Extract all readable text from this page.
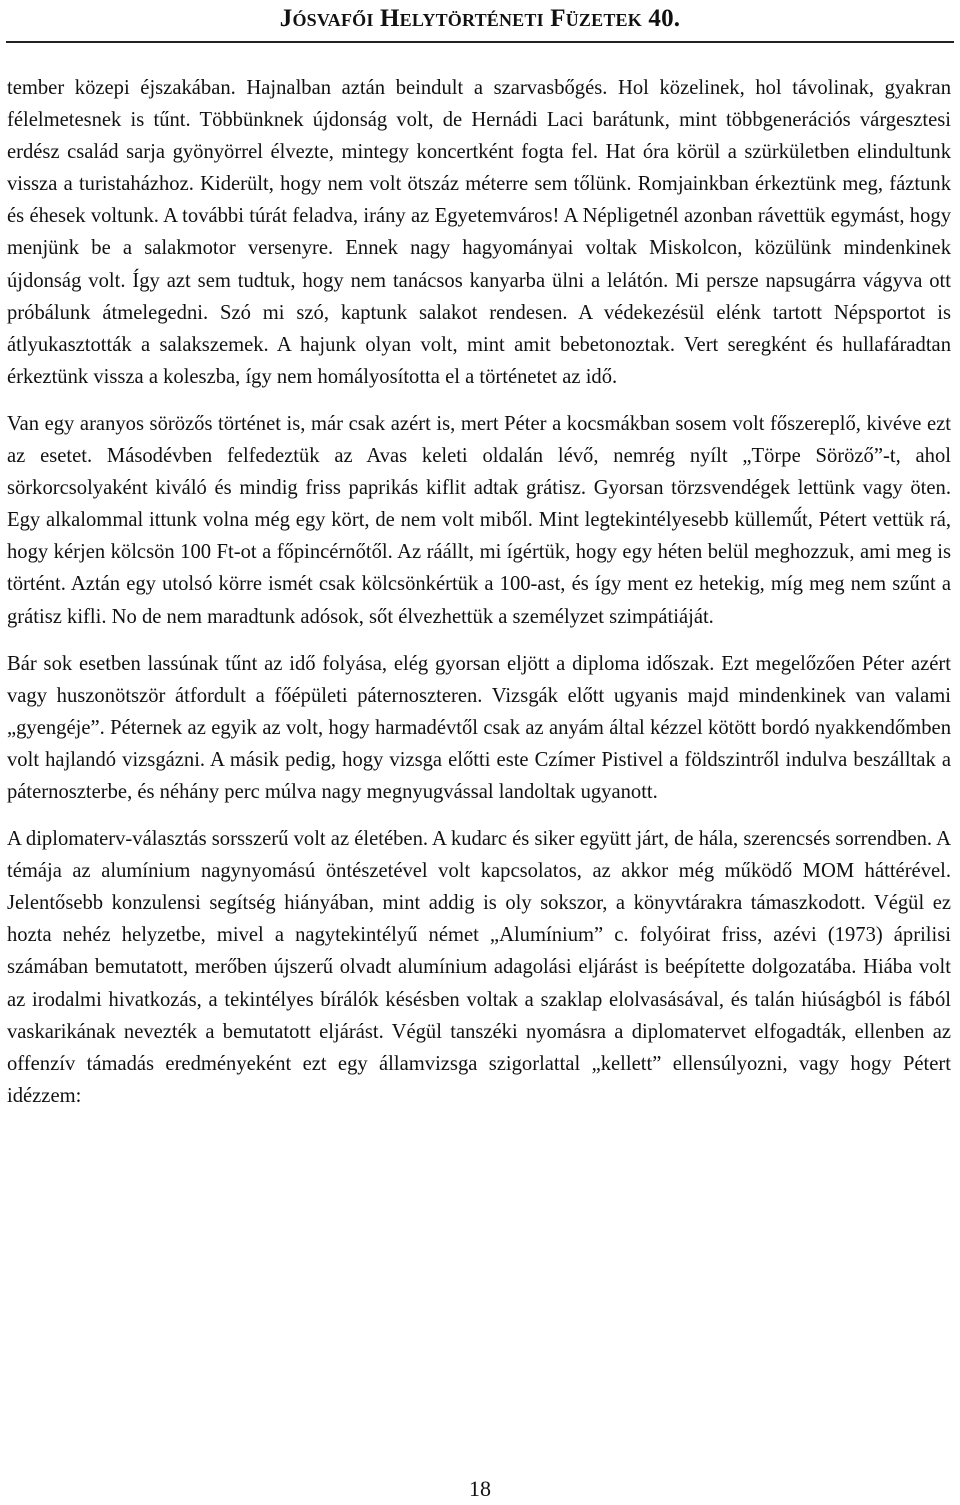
Jósvafői Helytörténeti Füzetek 40.

tember közepi éjszakában. Hajnalban aztán beindult a szarvasbőgés. Hol közelinek, hol távolinak, gyakran félelmetesnek is tűnt. Többünknek újdonság volt, de Hernádi Laci barátunk, mint többgenerációs várgesztesi erdész család sarja gyönyörrel élvezte, mintegy koncertként fogta fel. Hat óra körül a szürkületben elindultunk vissza a turistaházhoz. Kiderült, hogy nem volt ötszáz méterre sem tőlünk. Romjainkban érkeztünk meg, fáztunk és éhesek voltunk. A további túrát feladva, irány az Egyetemváros! A Népligetnél azonban rávettük egymást, hogy menjünk be a salakmotor versenyre. Ennek nagy hagyományai voltak Miskolcon, közülünk mindenkinek újdonság volt. Így azt sem tudtuk, hogy nem tanácsos kanyarba ülni a lelátón. Mi persze napsugárra vágyva ott próbálunk átmelegedni. Szó mi szó, kaptunk salakot rendesen. A védekezésül elénk tartott Népsportot is átlyukasztották a salakszemek. A hajunk olyan volt, mint amit bebetonoztak. Vert seregként és hullafáradtan érkeztünk vissza a koleszba, így nem homályosította el a történetet az idő.

Van egy aranyos sörözős történet is, már csak azért is, mert Péter a kocsmákban sosem volt főszereplő, kivéve ezt az esetet. Másodévben felfedeztük az Avas keleti oldalán lévő, nemrég nyílt „Törpe Söröző”-t, ahol sörkorcsolyaként kiváló és mindig friss paprikás kiflit adtak grátisz. Gyorsan törzsvendégek lettünk vagy öten. Egy alkalommal ittunk volna még egy kört, de nem volt miből. Mint legtekintélyesebb küllemű́t, Pétert vettük rá, hogy kérjen kölcsön 100 Ft-ot a főpincérnőtől. Az ráállt, mi ígértük, hogy egy héten belül meghozzuk, ami meg is történt. Aztán egy utolsó körre ismét csak kölcsönkértük a 100-ast, és így ment ez hetekig, míg meg nem szűnt a grátisz kifli. No de nem maradtunk adósok, sőt élvezhettük a személyzet szimpátiáját.

Bár sok esetben lassúnak tűnt az idő folyása, elég gyorsan eljött a diploma időszak. Ezt megelőzően Péter azért vagy huszonötször átfordult a főépületi páternoszteren. Vizsgák előtt ugyanis majd mindenkinek van valami „gyengéje”. Péternek az egyik az volt, hogy harmadévtől csak az anyám által kézzel kötött bordó nyakkendőmben volt hajlandó vizsgázni. A másik pedig, hogy vizsga előtti este Czímer Pistivel a földszintről indulva beszálltak a páternoszterbe, és néhány perc múlva nagy megnyugvással landoltak ugyanott.

A diplomaterv-választás sorsszerű volt az életében. A kudarc és siker együtt járt, de hála, szerencsés sorrendben. A témája az alumínium nagynyomású öntészetével volt kapcsolatos, az akkor még működő MOM háttérével. Jelentősebb konzulensi segítség hiányában, mint addig is oly sokszor, a könyvtárakra támaszkodott. Végül ez hozta nehéz helyzetbe, mivel a nagytekintélyű német „Alumínium” c. folyóirat friss, azévi (1973) áprilisi számában bemutatott, merőben újszerű olvadt alumínium adagolási eljárást is beépítette dolgozatába. Hiába volt az irodalmi hivatkozás, a tekintélyes bírálók késésben voltak a szaklap elolvasásával, és talán hiúságból is fából vaskarikának nevezték a bemutatott eljárást. Végül tanszéki nyomásra a diplomatervet elfogadták, ellenben az offenzív támadás eredményeként ezt egy államvizsga szigorlattal „kellett” ellensúlyozni, vagy hogy Pétert idézzem:

18
